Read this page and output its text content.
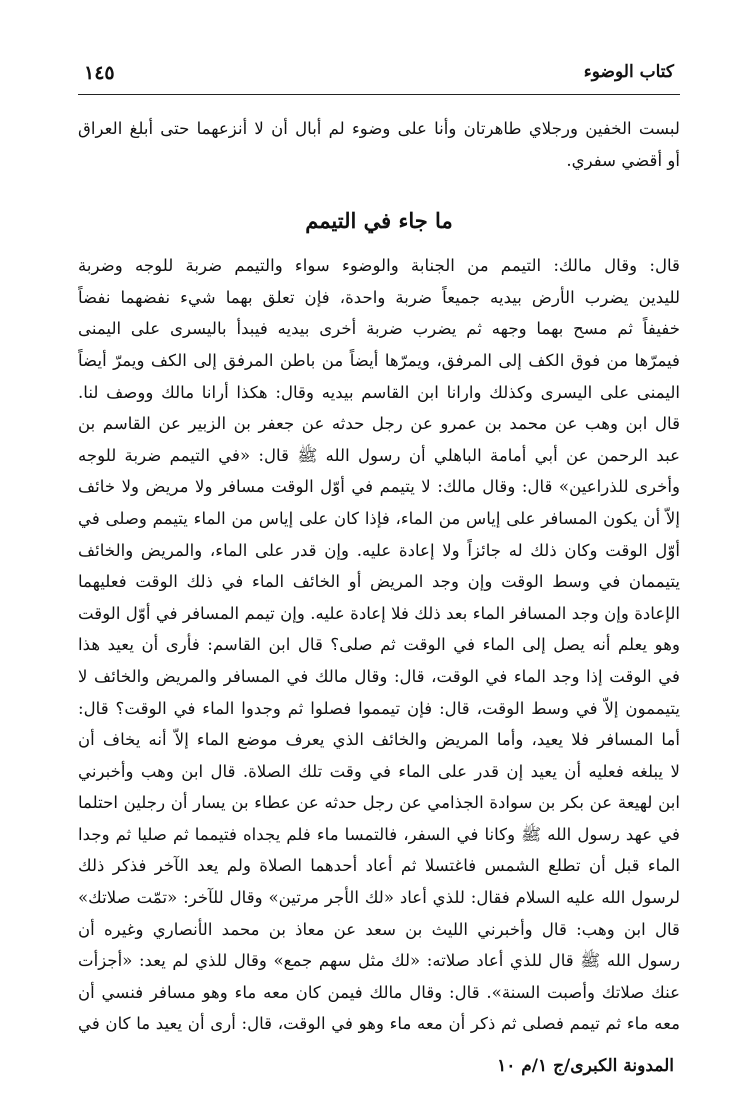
كتاب الوضوء
١٤٥
لبست الخفين ورجلاي طاهرتان وأنا على وضوء لم أبال أن لا أنزعهما حتى أبلغ العراق
أو أقضي سفري.
ما جاء في التيمم
قال: وقال مالك: التيمم من الجنابة والوضوء سواء والتيمم ضربة للوجه وضربة
لليدين يضرب الأرض بيديه جميعاً ضربة واحدة، فإن تعلق بهما شيء نفضهما نفضاً
خفيفاً ثم مسح بهما وجهه ثم يضرب ضربة أخرى بيديه فيبدأ باليسرى على اليمنى
فيمرّها من فوق الكف إلى المرفق، ويمرّها أيضاً من باطن المرفق إلى الكف ويمرّ أيضاً
اليمنى على اليسرى وكذلك وارانا ابن القاسم بيديه وقال: هكذا أرانا مالك ووصف لنا.
قال ابن وهب عن محمد بن عمرو عن رجل حدثه عن جعفر بن الزبير عن القاسم بن
عبد الرحمن عن أبي أمامة الباهلي أن رسول الله ﷺ قال: «في التيمم ضربة للوجه
وأخرى للذراعين» قال: وقال مالك: لا يتيمم في أوّل الوقت مسافر ولا مريض ولا خائف
إلاّ أن يكون المسافر على إياس من الماء، فإذا كان على إياس من الماء يتيمم وصلى في
أوّل الوقت وكان ذلك له جائزاً ولا إعادة عليه. وإن قدر على الماء، والمريض والخائف
يتيممان في وسط الوقت وإن وجد المريض أو الخائف الماء في ذلك الوقت فعليهما
الإعادة وإن وجد المسافر الماء بعد ذلك فلا إعادة عليه. وإن تيمم المسافر في أوّل الوقت
وهو يعلم أنه يصل إلى الماء في الوقت ثم صلى؟ قال ابن القاسم: فأرى أن يعيد هذا
في الوقت إذا وجد الماء في الوقت، قال: وقال مالك في المسافر والمريض والخائف لا
يتيممون إلاّ في وسط الوقت، قال: فإن تيمموا فصلوا ثم وجدوا الماء في الوقت؟ قال:
أما المسافر فلا يعيد، وأما المريض والخائف الذي يعرف موضع الماء إلاّ أنه يخاف أن
لا يبلغه فعليه أن يعيد إن قدر على الماء في وقت تلك الصلاة. قال ابن وهب وأخبرني
ابن لهيعة عن بكر بن سوادة الجذامي عن رجل حدثه عن عطاء بن يسار أن رجلين احتلما
في عهد رسول الله ﷺ وكانا في السفر، فالتمسا ماء فلم يجداه فتيمما ثم صليا ثم وجدا
الماء قبل أن تطلع الشمس فاغتسلا ثم أعاد أحدهما الصلاة ولم يعد الآخر فذكر ذلك
لرسول الله عليه السلام فقال: للذي أعاد «لك الأجر مرتين» وقال للآخر: «تمّت صلاتك»
قال ابن وهب: قال وأخبرني الليث بن سعد عن معاذ بن محمد الأنصاري وغيره أن
رسول الله ﷺ قال للذي أعاد صلاته: «لك مثل سهم جمع» وقال للذي لم يعد: «أجزأت
عنك صلاتك وأصبت السنة». قال: وقال مالك فيمن كان معه ماء وهو مسافر فنسي أن
معه ماء ثم تيمم فصلى ثم ذكر أن معه ماء وهو في الوقت، قال: أرى أن يعيد ما كان في
المدونة الكبرى/ج ١/م ١٠
